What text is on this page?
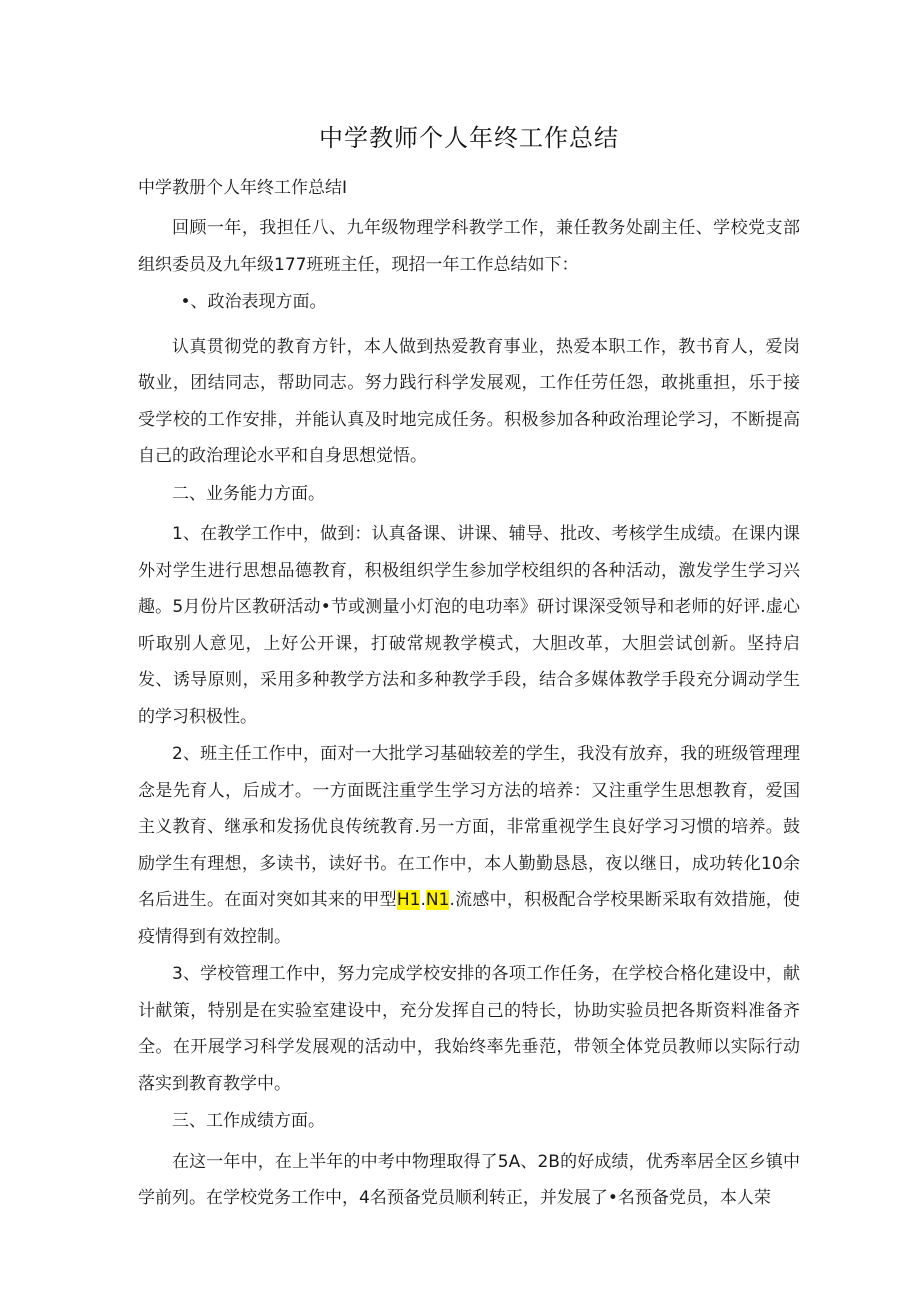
中学教师个人年终工作总结

中学教册个人年终工作总结I

回顾一年，我担任八、九年级物理学科教学工作，兼任教务处副主任、学校党支部组织委员及九年级177班班主任，现招一年工作总结如下：

•、政治表现方面。

认真贯彻党的教育方针，本人做到热爱教育事业，热爱本职工作，教书育人，爱岗敬业，团结同志，帮助同志。努力践行科学发展观，工作任劳任怨，敢挑重担，乐于接受学校的工作安排，并能认真及时地完成任务。积极参加各种政治理论学习，不断提高自己的政治理论水平和自身思想觉悟。

二、业务能力方面。

1、在教学工作中，做到：认真备课、讲课、辅导、批改、考核学生成绩。在课内课外对学生进行思想品德教育，积极组织学生参加学校组织的各种活动，激发学生学习兴趣。5月份片区教研活动•节或测量小灯泡的电功率》研讨课深受领导和老师的好评.虚心听取别人意见，上好公开课，打破常规教学模式，大胆改革，大胆尝试创新。坚持启发、诱导原则，采用多种教学方法和多种教学手段，结合多媒体教学手段充分调动学生的学习积极性。

2、班主任工作中，面对一大批学习基础较差的学生，我没有放弃，我的班级管理理念是先育人，后成才。一方面既注重学生学习方法的培养：又注重学生思想教育，爱国主义教育、继承和发扬优良传统教育.另一方面，非常重视学生良好学习习惯的培养。鼓励学生有理想，多读书，读好书。在工作中，本人勤勤恳恳，夜以继日，成功转化10余名后进生。在面对突如其来的甲型H1.N1.流感中，积极配合学校果断采取有效措施，使疫情得到有效控制。

3、学校管理工作中，努力完成学校安排的各项工作任务，在学校合格化建设中，献计献策，特别是在实验室建设中，充分发挥自己的特长，协助实验员把各斯资料准备齐全。在开展学习科学发展观的活动中，我始终率先垂范，带领全体党员教师以实际行动落实到教育教学中。

三、工作成绩方面。

在这一年中，在上半年的中考中物理取得了5A、2B的好成绩，优秀率居全区乡镇中学前列。在学校党务工作中，4名预备党员顺利转正，并发展了•名预备党员，本人荣
